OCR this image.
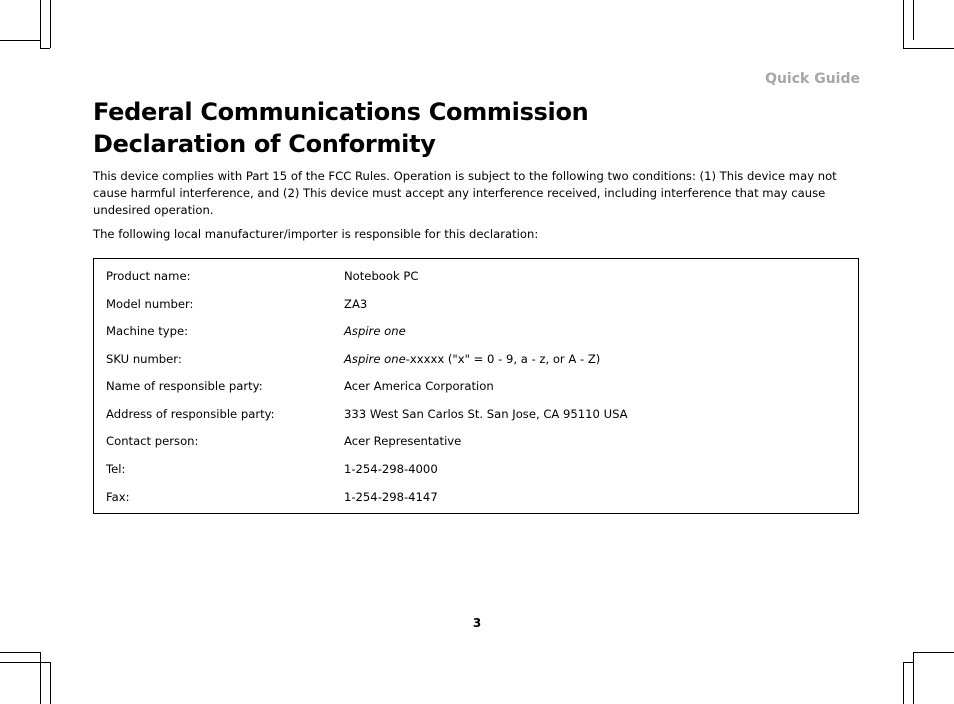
Quick Guide
Federal Communications Commission
Declaration of Conformity

This device complies with Part 15 of the FCC Rules. Operation is subject to the following two conditions: (1) This device may not cause harmful interference, and (2) This device must accept any interference received, including interference that may cause undesired operation.

The following local manufacturer/importer is responsible for this declaration:

Product name:	Notebook PC
Model number:	ZA3
Machine type:	Aspire one
SKU number:	Aspire one-xxxxx ("x" = 0 - 9, a - z, or A - Z)
Name of responsible party:	Acer America Corporation
Address of responsible party:	333 West San Carlos St. San Jose, CA 95110 USA
Contact person:	Acer Representative
Tel:	1-254-298-4000
Fax:	1-254-298-4147
3
